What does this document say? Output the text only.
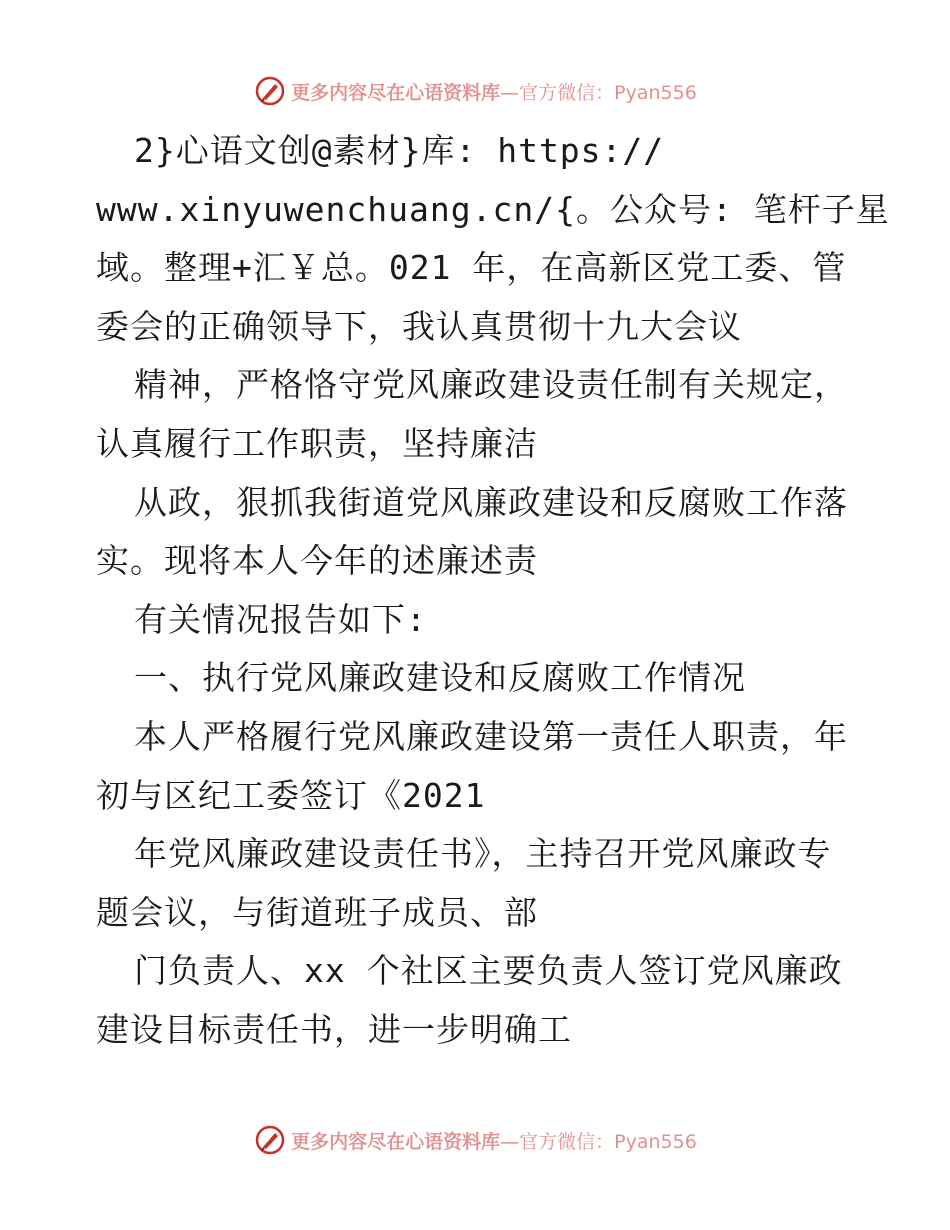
更多内容尽在心语资料库—官方微信：Pyan556
2}心语文创@素材}库: https://
www.xinyuwenchuang.cn/{。公众号: 笔杆子星
域。整理+汇￥总。021 年，在高新区党工委、管
委会的正确领导下，我认真贯彻十九大会议
精神，严格恪守党风廉政建设责任制有关规定，
认真履行工作职责，坚持廉洁
从政，狠抓我街道党风廉政建设和反腐败工作落
实。现将本人今年的述廉述责
有关情况报告如下:
一、执行党风廉政建设和反腐败工作情况
本人严格履行党风廉政建设第一责任人职责，年
初与区纪工委签订《2021
年党风廉政建设责任书》，主持召开党风廉政专
题会议，与街道班子成员、部
门负责人、xx 个社区主要负责人签订党风廉政
建设目标责任书，进一步明确工
更多内容尽在心语资料库—官方微信：Pyan556
